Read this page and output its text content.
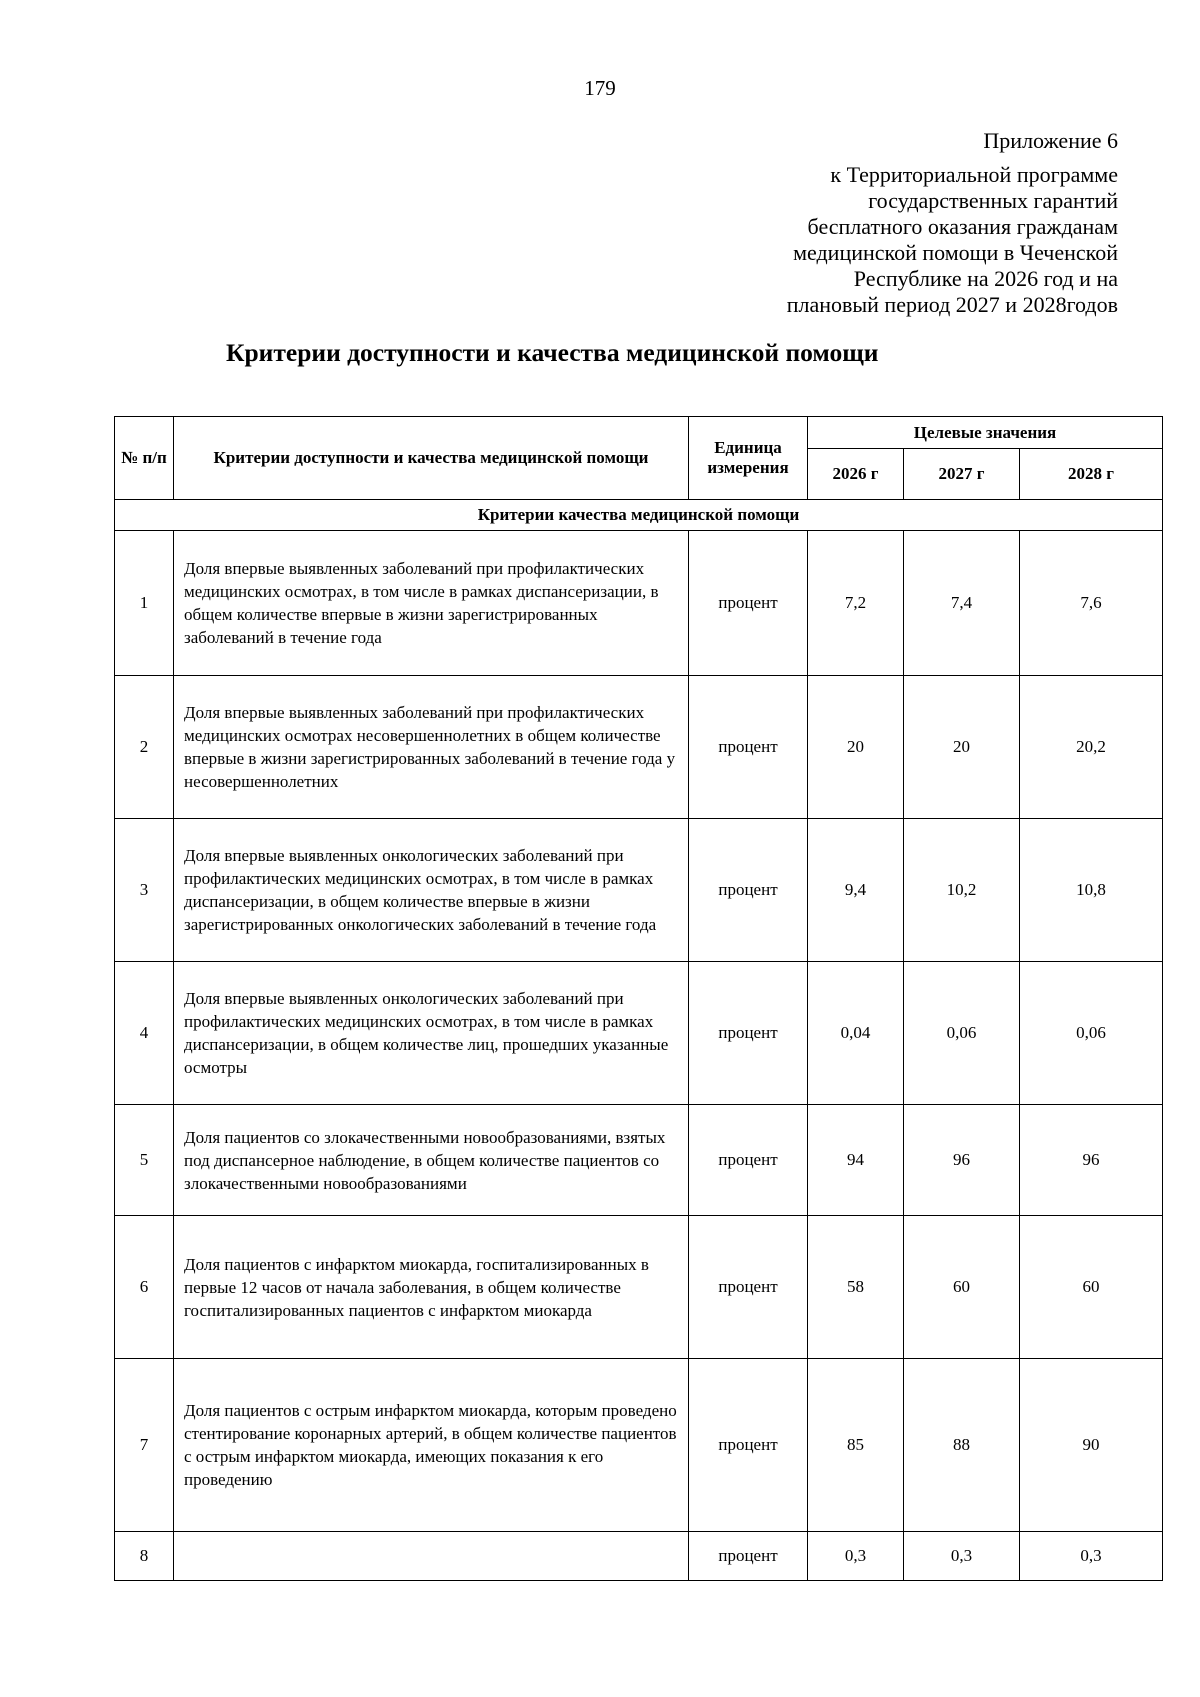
179
Приложение 6
к Территориальной программе
государственных гарантий
бесплатного оказания гражданам
медицинской помощи в Чеченской
Республике на 2026 год и на
плановый период 2027 и 2028годов
Критерии доступности и качества медицинской помощи
№ п/п	Критерии доступности и качества медицинской помощи	Единица измерения	Целевые значения		
			2026 г	2027 г	2028 г
Критерии качества медицинской помощи					
1	Доля впервые выявленных заболеваний при профилактических медицинских осмотрах, в том числе в рамках диспансеризации, в общем количестве впервые в жизни зарегистрированных заболеваний в течение года	процент	7,2	7,4	7,6
2	Доля впервые выявленных заболеваний при профилактических медицинских осмотрах несовершеннолетних в общем количестве впервые в жизни зарегистрированных заболеваний в течение года у несовершеннолетних	процент	20	20	20,2
3	Доля впервые выявленных онкологических заболеваний при профилактических медицинских осмотрах, в том числе в рамках диспансеризации, в общем количестве впервые в жизни зарегистрированных онкологических заболеваний в течение года	процент	9,4	10,2	10,8
4	Доля впервые выявленных онкологических заболеваний при профилактических медицинских осмотрах, в том числе в рамках диспансеризации, в общем количестве лиц, прошедших указанные осмотры	процент	0,04	0,06	0,06
5	Доля пациентов со злокачественными новообразованиями, взятых под диспансерное наблюдение, в общем количестве пациентов со злокачественными новообразованиями	процент	94	96	96
6	Доля пациентов с инфарктом миокарда, госпитализированных в первые 12 часов от начала заболевания, в общем количестве госпитализированных пациентов с инфарктом миокарда	процент	58	60	60
7	Доля пациентов с острым инфарктом миокарда, которым проведено стентирование коронарных артерий, в общем количестве пациентов с острым инфарктом миокарда, имеющих показания к его проведению	процент	85	88	90
8		процент	0,3	0,3	0,3
